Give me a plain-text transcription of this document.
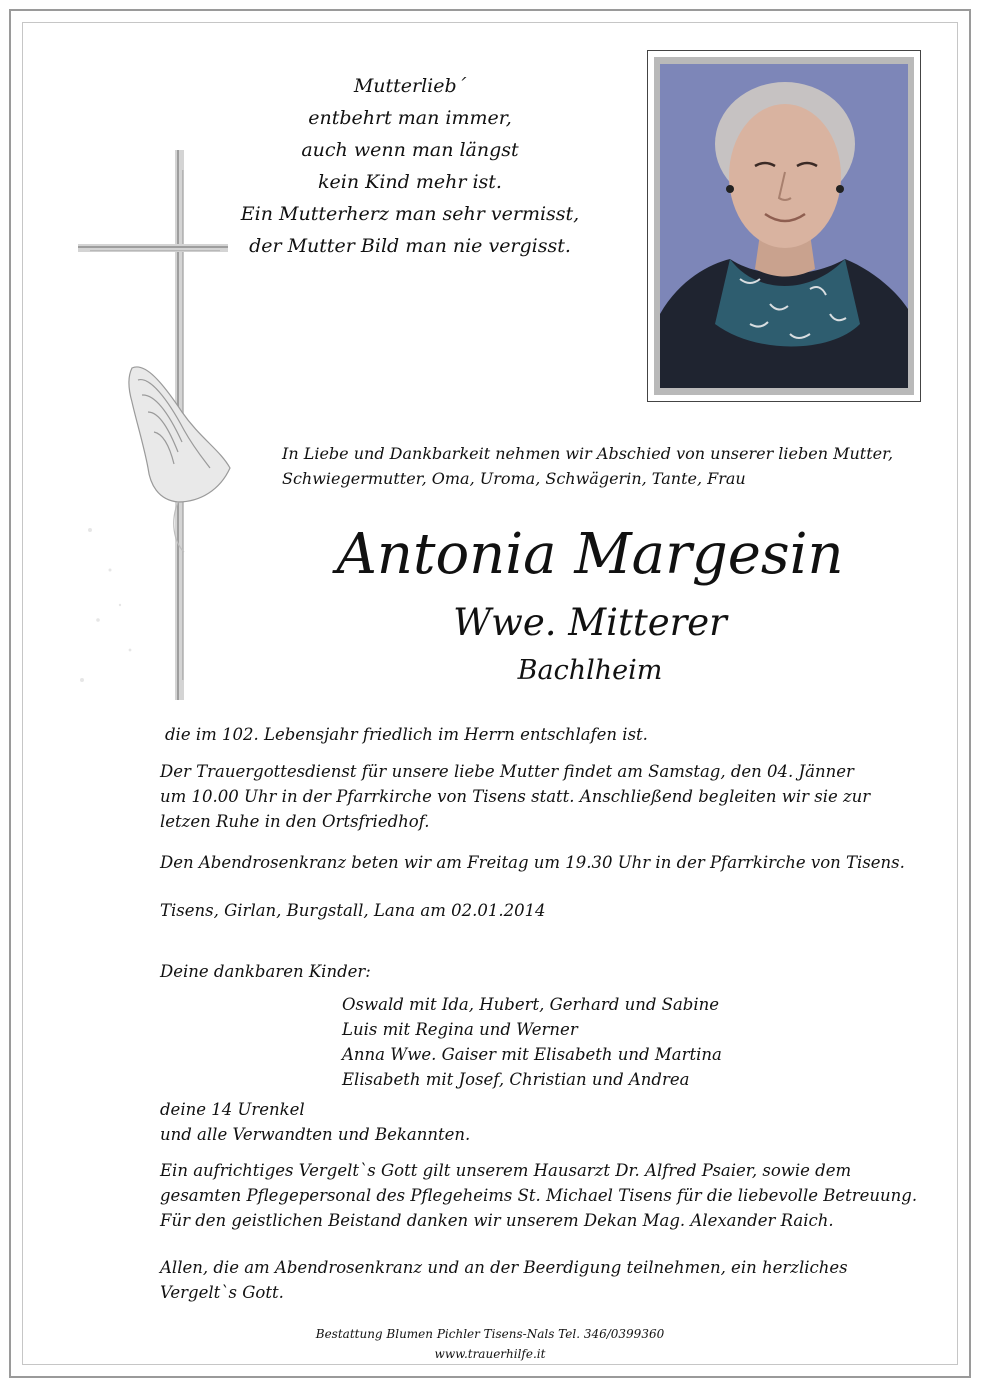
Mutterlieb´
entbehrt man immer,
auch wenn man längst
kein Kind mehr ist.
Ein Mutterherz man sehr vermisst,
der Mutter Bild man nie vergisst.
In Liebe und Dankbarkeit nehmen wir Abschied von unserer lieben Mutter,
Schwiegermutter, Oma, Uroma, Schwägerin, Tante, Frau
Antonia Margesin
Wwe. Mitterer
Bachlheim
die im 102. Lebensjahr friedlich im Herrn entschlafen ist.
Der Trauergottesdienst für unsere liebe Mutter findet am Samstag, den 04. Jänner
um 10.00 Uhr in der Pfarrkirche von Tisens statt. Anschließend begleiten wir sie zur
letzen Ruhe in den Ortsfriedhof.
Den Abendrosenkranz beten wir am Freitag um 19.30 Uhr in der Pfarrkirche von Tisens.
Tisens, Girlan, Burgstall, Lana am 02.01.2014
Deine dankbaren Kinder:
Oswald mit Ida, Hubert, Gerhard und Sabine
Luis mit Regina und Werner
Anna Wwe. Gaiser mit Elisabeth und Martina
Elisabeth mit Josef, Christian und Andrea
deine 14 Urenkel
und alle Verwandten und Bekannten.
Ein aufrichtiges Vergelt`s Gott gilt unserem Hausarzt Dr. Alfred Psaier, sowie dem
gesamten Pflegepersonal des Pflegeheims St. Michael Tisens für die liebevolle Betreuung.
Für den geistlichen Beistand danken wir unserem Dekan Mag. Alexander Raich.
Allen, die am Abendrosenkranz und an der Beerdigung teilnehmen, ein herzliches
Vergelt`s Gott.
Bestattung Blumen Pichler Tisens-Nals Tel. 346/0399360
www.trauerhilfe.it
